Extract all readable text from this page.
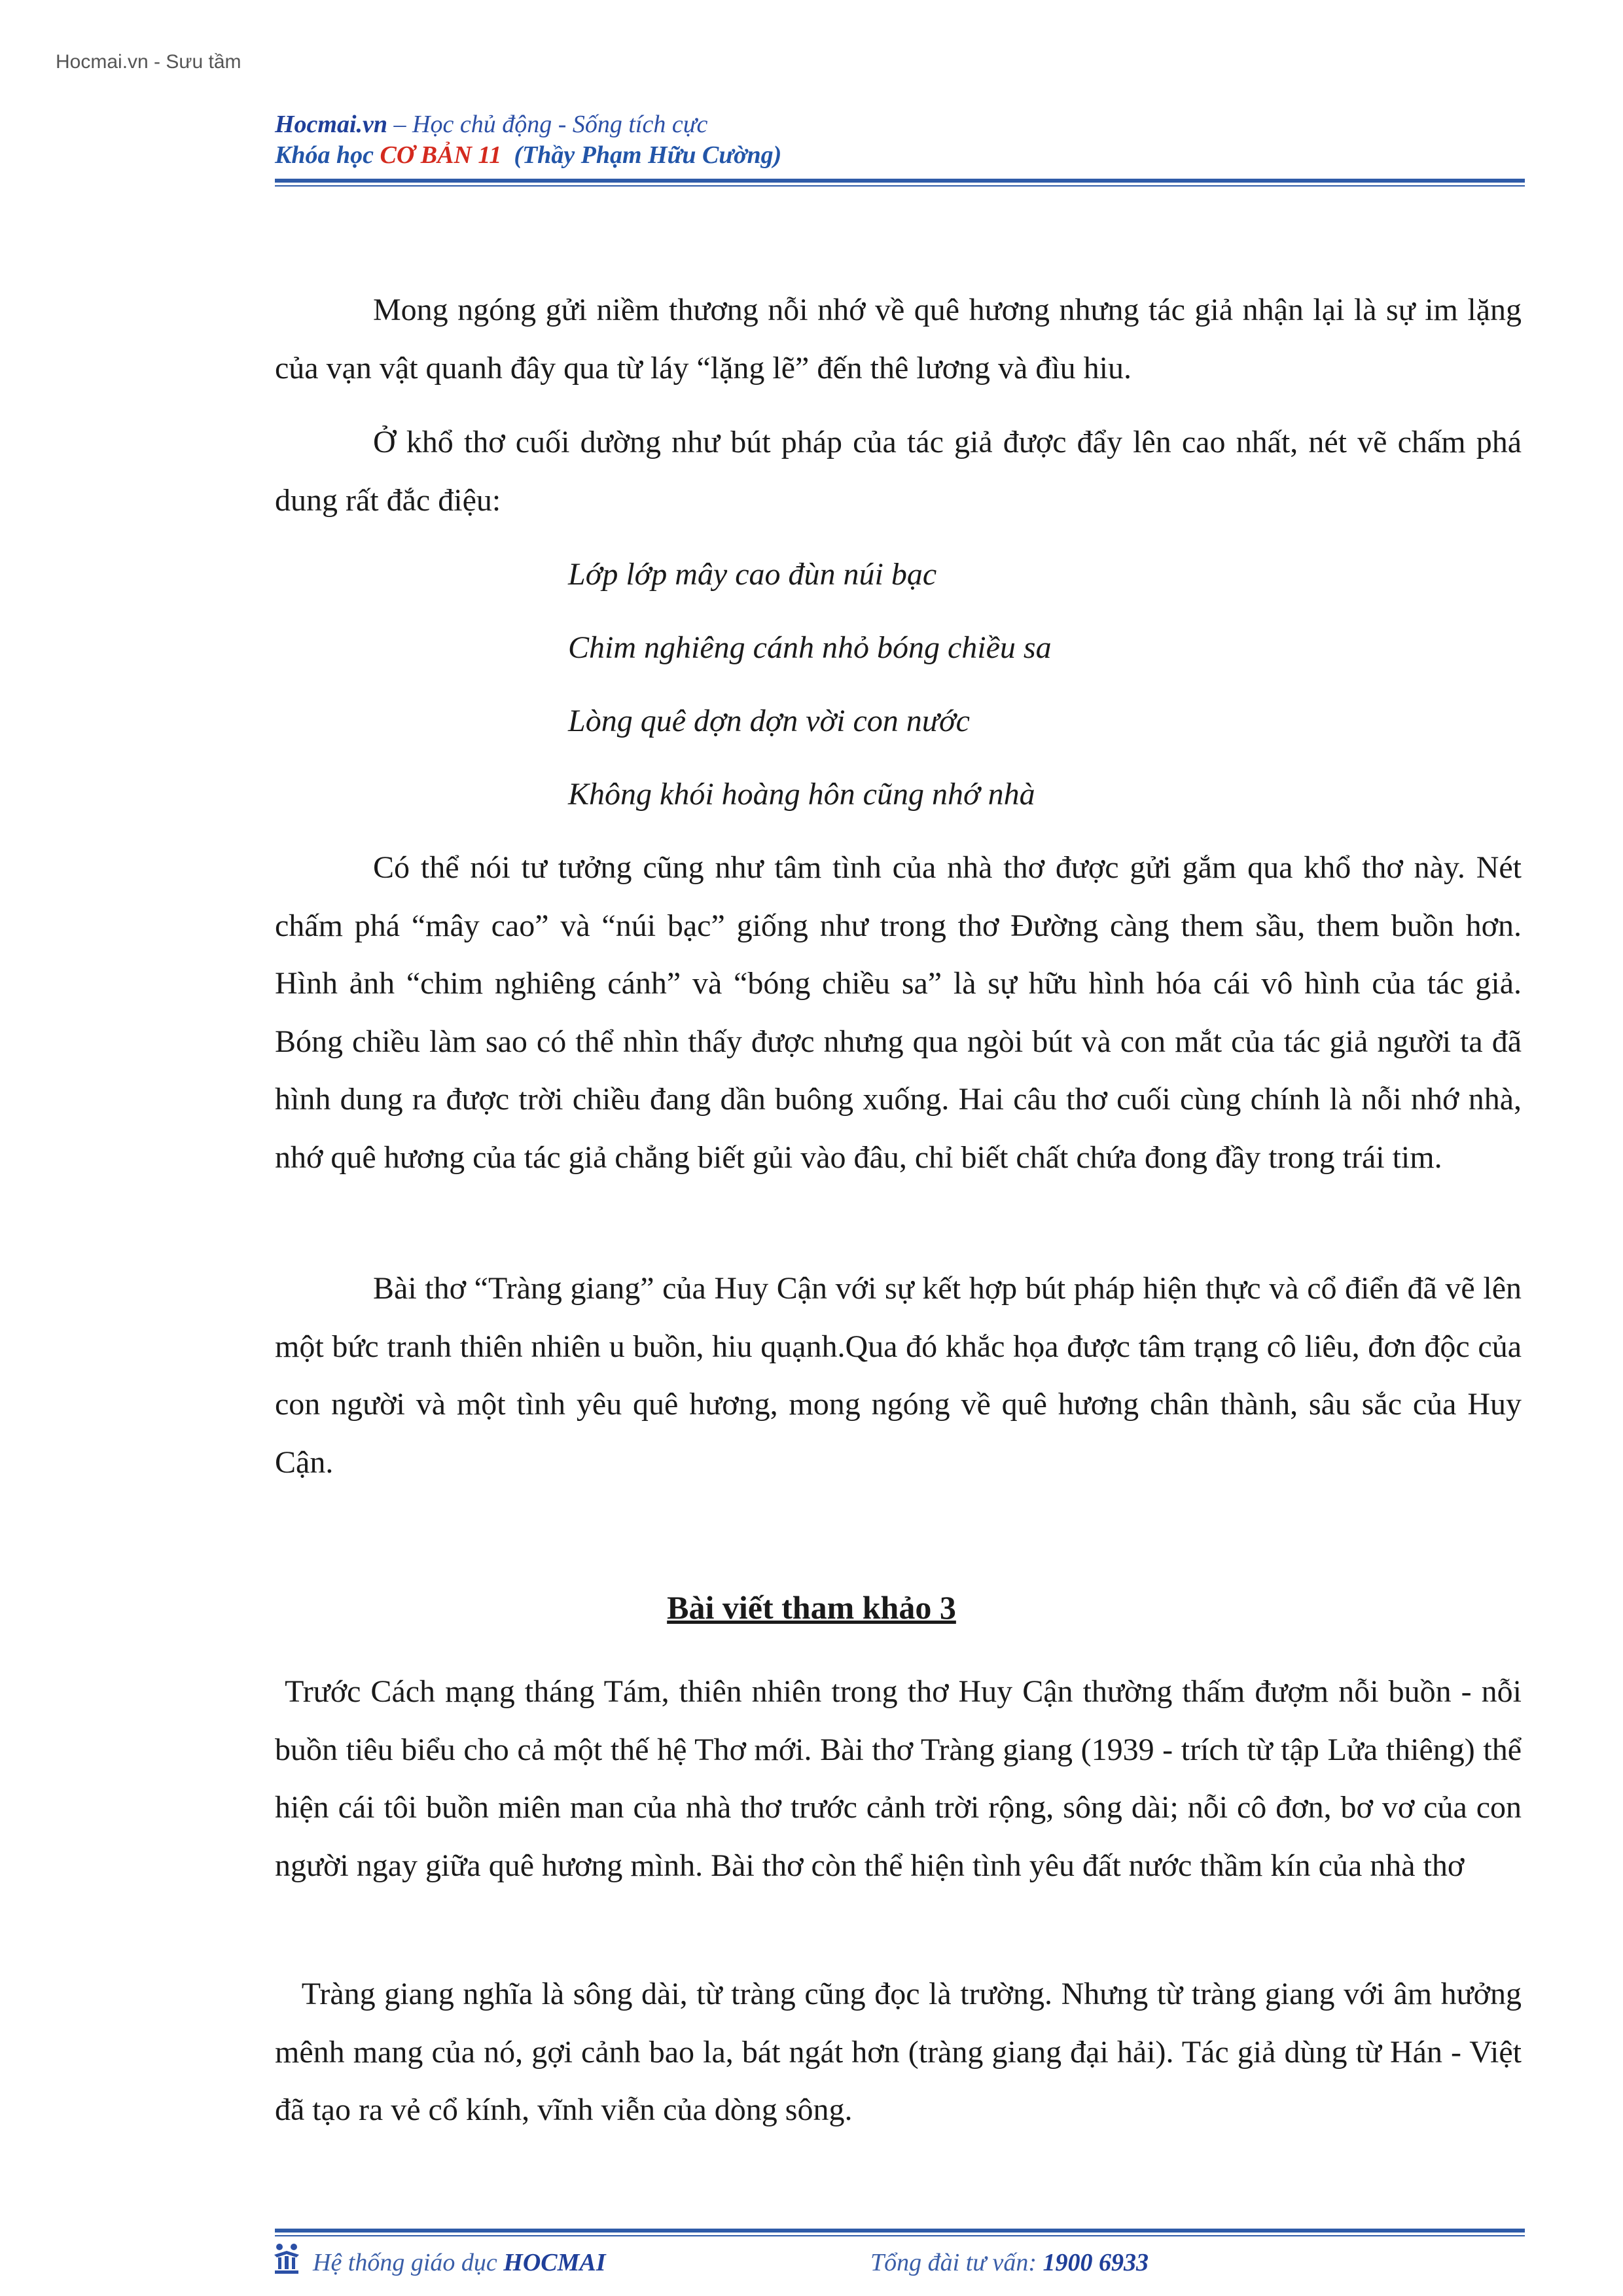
Hocmai.vn - Sưu tầm
Hocmai.vn – Học chủ động - Sống tích cực
Khóa học CƠ BẢN 11  (Thầy Phạm Hữu Cường)

Mong ngóng gửi niềm thương nỗi nhớ về quê hương nhưng tác giả nhận lại là sự im lặng của vạn vật quanh đây qua từ láy “lặng lẽ” đến thê lương và đìu hiu.

Ở khổ thơ cuối dường như bút pháp của tác giả được đẩy lên cao nhất, nét vẽ chấm phá dung rất đắc điệu:

Lớp lớp mây cao đùn núi bạc
Chim nghiêng cánh nhỏ bóng chiều sa
Lòng quê dợn dợn vời con nước
Không khói hoàng hôn cũng nhớ nhà

Có thể nói tư tưởng cũng như tâm tình của nhà thơ được gửi gắm qua khổ thơ này. Nét chấm phá “mây cao” và “núi bạc” giống như trong thơ Đường càng them sầu, them buồn hơn. Hình ảnh “chim nghiêng cánh” và “bóng chiều sa” là sự hữu hình hóa cái vô hình của tác giả. Bóng chiều làm sao có thể nhìn thấy được nhưng qua ngòi bút và con mắt của tác giả người ta đã hình dung ra được trời chiều đang dần buông xuống. Hai câu thơ cuối cùng chính là nỗi nhớ nhà, nhớ quê hương của tác giả chẳng biết gủi vào đâu, chỉ biết chất chứa đong đầy trong trái tim.

Bài thơ “Tràng giang” của Huy Cận với sự kết hợp bút pháp hiện thực và cổ điển đã vẽ lên một bức tranh thiên nhiên u buồn, hiu quạnh.Qua đó khắc họa được tâm trạng cô liêu, đơn độc của con người và một tình yêu quê hương, mong ngóng về quê hương chân thành, sâu sắc của Huy Cận.

Bài viết tham khảo 3

Trước Cách mạng tháng Tám, thiên nhiên trong thơ Huy Cận thường thấm đượm nỗi buồn - nỗi buồn tiêu biểu cho cả một thế hệ Thơ mới. Bài thơ Tràng giang (1939 - trích từ tập Lửa thiêng) thể hiện cái tôi buồn miên man của nhà thơ trước cảnh trời rộng, sông dài; nỗi cô đơn, bơ vơ của con người ngay giữa quê hương mình. Bài thơ còn thể hiện tình yêu đất nước thầm kín của nhà thơ

Tràng giang nghĩa là sông dài, từ tràng cũng đọc là trường. Nhưng từ tràng giang với âm hưởng mênh mang của nó, gợi cảnh bao la, bát ngát hơn (tràng giang đại hải). Tác giả dùng từ Hán - Việt đã tạo ra vẻ cổ kính, vĩnh viễn của dòng sông.

Hệ thống giáo dục HOCMAI	Tổng đài tư vấn: 1900 6933
